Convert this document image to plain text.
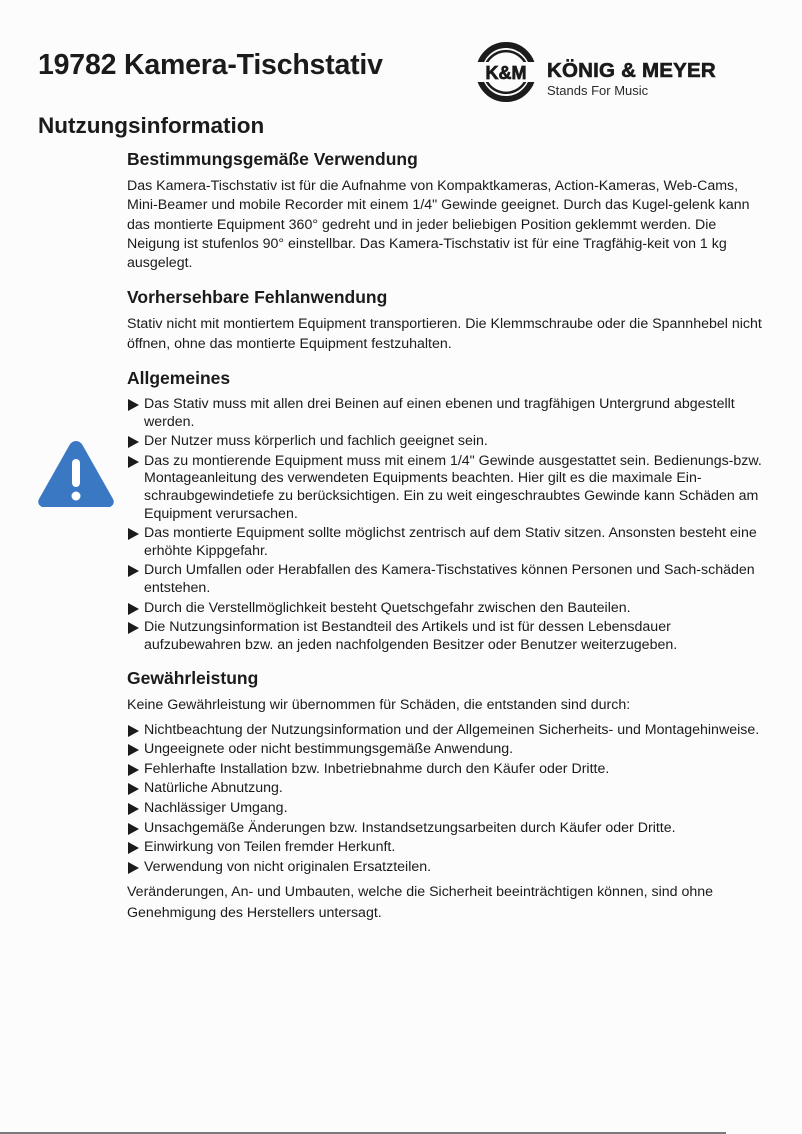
19782 Kamera-Tischstativ	K&M KÖNIG & MEYER
Stands For Music
Nutzungsinformation
Bestimmungsgemäße Verwendung

Das Kamera-Tischstativ ist für die Aufnahme von Kompaktkameras, Action-Kameras, Web-Cams, Mini-Beamer und mobile Recorder mit einem 1/4" Gewinde geeignet. Durch das Kugel-gelenk kann das montierte Equipment 360° gedreht und in jeder beliebigen Position geklemmt werden. Die Neigung ist stufenlos 90° einstellbar. Das Kamera-Tischstativ ist für eine Tragfähig-keit von 1 kg ausgelegt.

Vorhersehbare Fehlanwendung

Stativ nicht mit montiertem Equipment transportieren. Die Klemmschraube oder die Spannhebel nicht öffnen, ohne das montierte Equipment festzuhalten.

Allgemeines
Das Stativ muss mit allen drei Beinen auf einen ebenen und tragfähigen Untergrund abgestellt werden.
Der Nutzer muss körperlich und fachlich geeignet sein.
Das zu montierende Equipment muss mit einem 1/4" Gewinde ausgestattet sein. Bedienungs-bzw. Montageanleitung des verwendeten Equipments beachten. Hier gilt es die maximale Ein-schraubgewindetiefe zu berücksichtigen. Ein zu weit eingeschraubtes Gewinde kann Schäden am Equipment verursachen.
Das montierte Equipment sollte möglichst zentrisch auf dem Stativ sitzen. Ansonsten besteht eine erhöhte Kippgefahr.
Durch Umfallen oder Herabfallen des Kamera-Tischstatives können Personen und Sach-schäden entstehen.
Durch die Verstellmöglichkeit besteht Quetschgefahr zwischen den Bauteilen.
Die Nutzungsinformation ist Bestandteil des Artikels und ist für dessen Lebensdauer aufzubewahren bzw. an jeden nachfolgenden Besitzer oder Benutzer weiterzugeben.
Gewährleistung

Keine Gewährleistung wir übernommen für Schäden, die entstanden sind durch:

Nichtbeachtung der Nutzungsinformation und der Allgemeinen Sicherheits- und Montagehinweise.
Ungeeignete oder nicht bestimmungsgemäße Anwendung.
Fehlerhafte Installation bzw. Inbetriebnahme durch den Käufer oder Dritte.
Natürliche Abnutzung.
Nachlässiger Umgang.
Unsachgemäße Änderungen bzw. Instandsetzungsarbeiten durch Käufer oder Dritte.
Einwirkung von Teilen fremder Herkunft.
Verwendung von nicht originalen Ersatzteilen.

Veränderungen, An- und Umbauten, welche die Sicherheit beeinträchtigen können, sind ohne Genehmigung des Herstellers untersagt.
